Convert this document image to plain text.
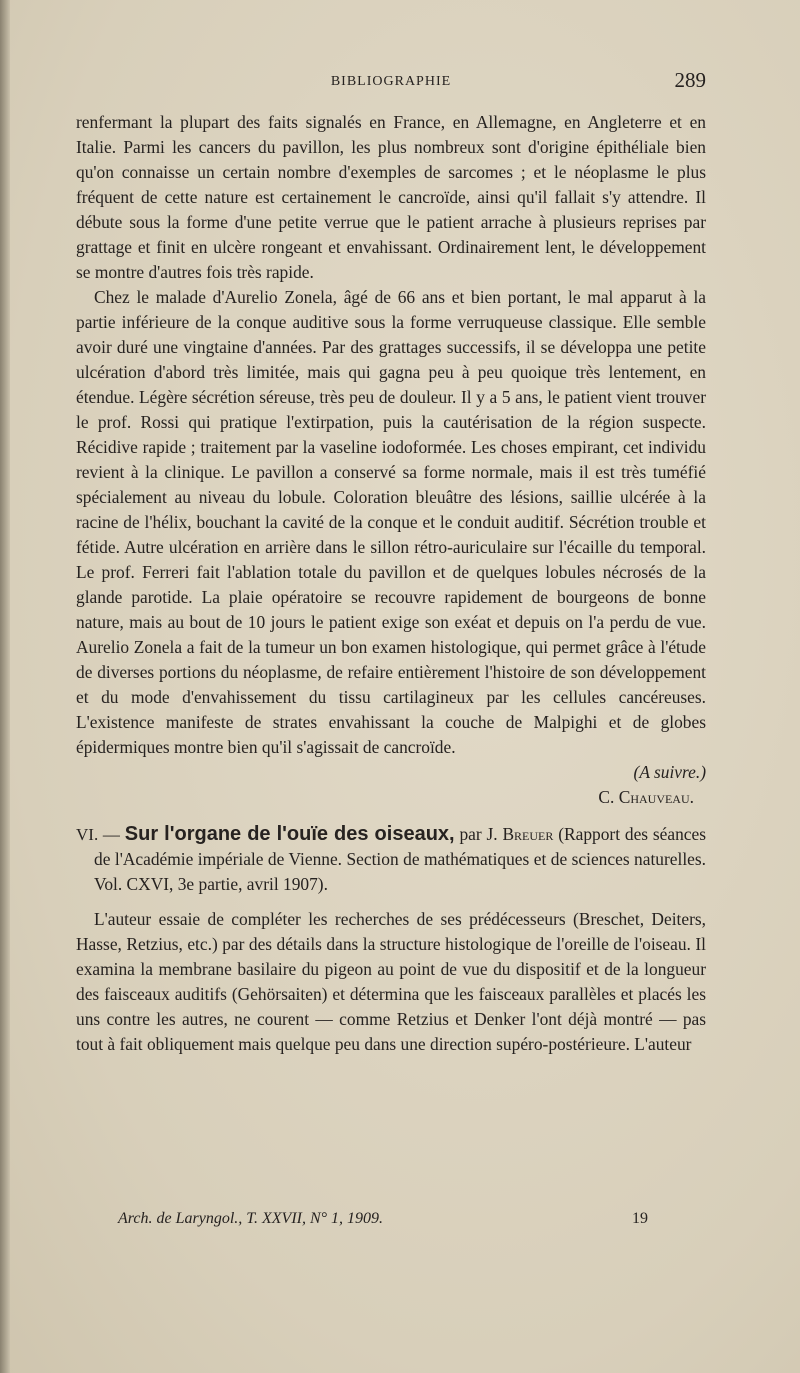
BIBLIOGRAPHIE	289

renfermant la plupart des faits signalés en France, en Allemagne, en Angleterre et en Italie. Parmi les cancers du pavillon, les plus nombreux sont d'origine épithéliale bien qu'on connaisse un certain nombre d'exemples de sarcomes ; et le néoplasme le plus fréquent de cette nature est certainement le cancroïde, ainsi qu'il fallait s'y attendre. Il débute sous la forme d'une petite verrue que le patient arrache à plusieurs reprises par grattage et finit en ulcère rongeant et envahissant. Ordinairement lent, le développement se montre d'autres fois très rapide.

Chez le malade d'Aurelio Zonela, âgé de 66 ans et bien portant, le mal apparut à la partie inférieure de la conque auditive sous la forme verruqueuse classique. Elle semble avoir duré une vingtaine d'années. Par des grattages successifs, il se développa une petite ulcération d'abord très limitée, mais qui gagna peu à peu quoique très lentement, en étendue. Légère sécrétion séreuse, très peu de douleur. Il y a 5 ans, le patient vient trouver le prof. Rossi qui pratique l'extirpation, puis la cautérisation de la région suspecte. Récidive rapide ; traitement par la vaseline iodoformée. Les choses empirant, cet individu revient à la clinique. Le pavillon a conservé sa forme normale, mais il est très tuméfié spécialement au niveau du lobule. Coloration bleuâtre des lésions, saillie ulcérée à la racine de l'hélix, bouchant la cavité de la conque et le conduit auditif. Sécrétion trouble et fétide. Autre ulcération en arrière dans le sillon rétro-auriculaire sur l'écaille du temporal. Le prof. Ferreri fait l'ablation totale du pavillon et de quelques lobules nécrosés de la glande parotide. La plaie opératoire se recouvre rapidement de bourgeons de bonne nature, mais au bout de 10 jours le patient exige son exéat et depuis on l'a perdu de vue. Aurelio Zonela a fait de la tumeur un bon examen histologique, qui permet grâce à l'étude de diverses portions du néoplasme, de refaire entièrement l'histoire de son développement et du mode d'envahissement du tissu cartilagineux par les cellules cancéreuses. L'existence manifeste de strates envahissant la couche de Malpighi et de globes épidermiques montre bien qu'il s'agissait de cancroïde.

(A suivre.)
C. Chauveau.

VI. — Sur l'organe de l'ouïe des oiseaux, par J. Breuer (Rapport des séances de l'Académie impériale de Vienne. Section de mathématiques et de sciences naturelles. Vol. CXVI, 3e partie, avril 1907).

L'auteur essaie de compléter les recherches de ses prédécesseurs (Breschet, Deiters, Hasse, Retzius, etc.) par des détails dans la structure histologique de l'oreille de l'oiseau. Il examina la membrane basilaire du pigeon au point de vue du dispositif et de la longueur des faisceaux auditifs (Gehörsaiten) et détermina que les faisceaux parallèles et placés les uns contre les autres, ne courent — comme Retzius et Denker l'ont déjà montré — pas tout à fait obliquement mais quelque peu dans une direction supéro-postérieure. L'auteur

Arch. de Laryngol., T. XXVII, N° 1, 1909.	19
